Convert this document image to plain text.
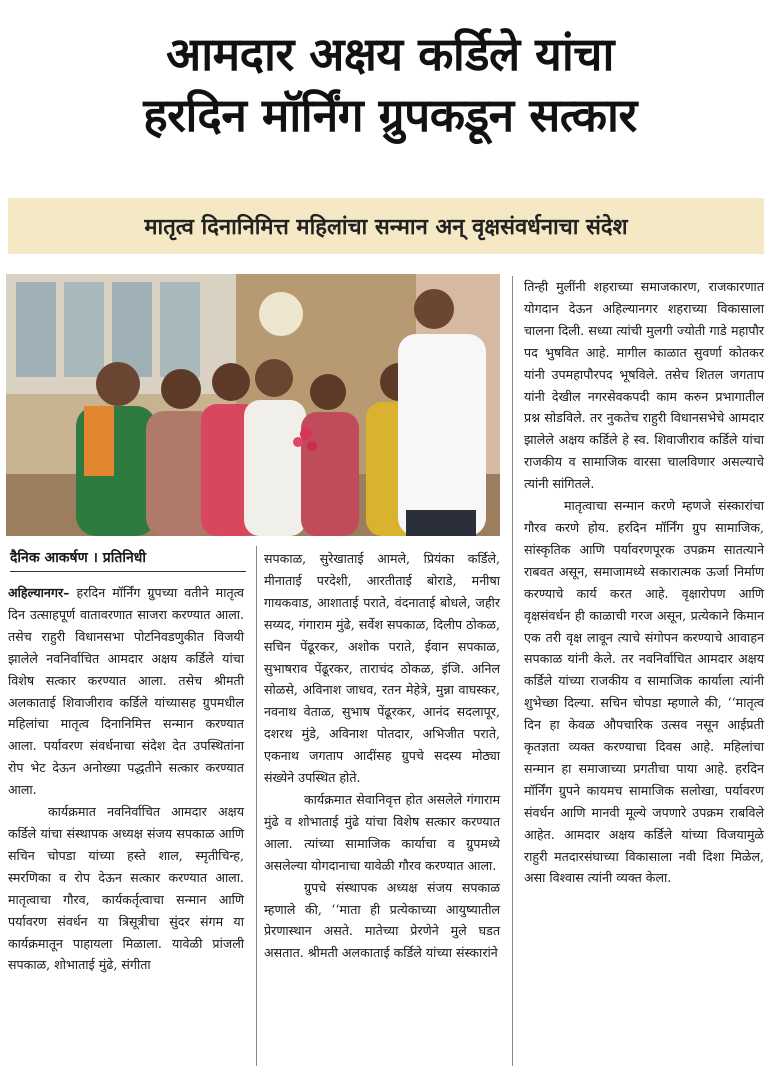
आमदार अक्षय कर्डिले यांचा
हरदिन मॉर्निंग ग्रुपकडून सत्कार
मातृत्व दिनानिमित्त महिलांचा सन्मान अन् वृक्षसंवर्धनाचा संदेश
दैनिक आकर्षण । प्रतिनिधी

अहिल्यानगर– हरदिन मॉर्निंग ग्रुपच्या वतीने मातृत्व दिन उत्साहपूर्ण वातावरणात साजरा करण्यात आला. तसेच राहुरी विधानसभा पोटनिवडणुकीत विजयी झालेले नवनिर्वाचित आमदार अक्षय कर्डिले यांचा विशेष सत्कार करण्यात आला. तसेच श्रीमती अलकाताई शिवाजीराव कर्डिले यांच्यासह ग्रुपमधील महिलांचा मातृत्व दिनानिमित्त सन्मान करण्यात आला. पर्यावरण संवर्धनाचा संदेश देत उपस्थितांना रोप भेट देऊन अनोख्या पद्धतीने सत्कार करण्यात आला.

कार्यक्रमात नवनिर्वाचित आमदार अक्षय कर्डिले यांचा संस्थापक अध्यक्ष संजय सपकाळ आणि सचिन चोपडा यांच्या हस्ते शाल, स्मृतीचिन्ह, स्मरणिका व रोप देऊन सत्कार करण्यात आला. मातृत्वाचा गौरव, कार्यकर्तृत्वाचा सन्मान आणि पर्यावरण संवर्धन या त्रिसूत्रीचा सुंदर संगम या कार्यक्रमातून पाहायला मिळाला. यावेळी प्रांजली सपकाळ, शोभाताई मुंढे, संगीता

सपकाळ, सुरेखाताई आमले, प्रियंका कर्डिले, मीनाताई परदेशी, आरतीताई बोराडे, मनीषा गायकवाड, आशाताई पराते, वंदनाताई बोधले, जहीर सय्यद, गंगाराम मुंढे, सर्वेश सपकाळ, दिलीप ठोकळ, सचिन पेंढूरकर, अशोक पराते, ईवान सपकाळ, सुभाषराव पेंढूरकर, ताराचंद ठोकळ, इंजि. अनिल सोळसे, अविनाश जाधव, रतन मेहेत्रे, मुन्ना वाघस्कर, नवनाथ वेताळ, सुभाष पेंढूरकर, आनंद सदलापूर, दशरथ मुंडे, अविनाश पोतदार, अभिजीत पराते, एकनाथ जगताप आदींसह ग्रुपचे सदस्य मोठ्या संख्येने उपस्थित होते.

कार्यक्रमात सेवानिवृत्त होत असलेले गंगाराम मुंढे व शोभाताई मुंढे यांचा विशेष सत्कार करण्यात आला. त्यांच्या सामाजिक कार्याचा व ग्रुपमध्ये असलेल्या योगदानाचा यावेळी गौरव करण्यात आला.

ग्रुपचे संस्थापक अध्यक्ष संजय सपकाळ म्हणाले की, ‘‘माता ही प्रत्येकाच्या आयुष्यातील प्रेरणास्थान असते. मातेच्या प्रेरणेने मुले घडत असतात. श्रीमती अलकाताई कर्डिले यांच्या संस्कारांने

तिन्ही मुलींनी शहराच्या समाजकारण, राजकारणात योगदान देऊन अहिल्यानगर शहराच्या विकासाला चालना दिली. सध्या त्यांची मुलगी ज्योती गाडे महापौर पद भुषवित आहे. मागील काळात सुवर्णा कोतकर यांनी उपमहापौरपद भूषविले. तसेच शितल जगताप यांनी देखील नगरसेवकपदी काम करुन प्रभागातील प्रश्न सोडविले. तर नुकतेच राहुरी विधानसभेचे आमदार झालेले अक्षय कर्डिले हे स्व. शिवाजीराव कर्डिले यांचा राजकीय व सामाजिक वारसा चालविणार असल्याचे त्यांनी सांगितले.

मातृत्वाचा सन्मान करणे म्हणजे संस्कारांचा गौरव करणे होय. हरदिन मॉर्निंग ग्रुप सामाजिक, सांस्कृतिक आणि पर्यावरणपूरक उपक्रम सातत्याने राबवत असून, समाजामध्ये सकारात्मक ऊर्जा निर्माण करण्याचे कार्य करत आहे. वृक्षारोपण आणि वृक्षसंवर्धन ही काळाची गरज असून, प्रत्येकाने किमान एक तरी वृक्ष लावून त्याचे संगोपन करण्याचे आवाहन सपकाळ यांनी केले. तर नवनिर्वाचित आमदार अक्षय कर्डिले यांच्या राजकीय व सामाजिक कार्याला त्यांनी शुभेच्छा दिल्या. सचिन चोपडा म्हणाले की, ‘‘मातृत्व दिन हा केवळ औपचारिक उत्सव नसून आईप्रती कृतज्ञता व्यक्त करण्याचा दिवस आहे. महिलांचा सन्मान हा समाजाच्या प्रगतीचा पाया आहे. हरदिन मॉर्निंग ग्रुपने कायमच सामाजिक सलोखा, पर्यावरण संवर्धन आणि मानवी मूल्ये जपणारे उपक्रम राबविले आहेत. आमदार अक्षय कर्डिले यांच्या विजयामुळे राहुरी मतदारसंघाच्या विकासाला नवी दिशा मिळेल, असा विश्वास त्यांनी व्यक्त केला.
